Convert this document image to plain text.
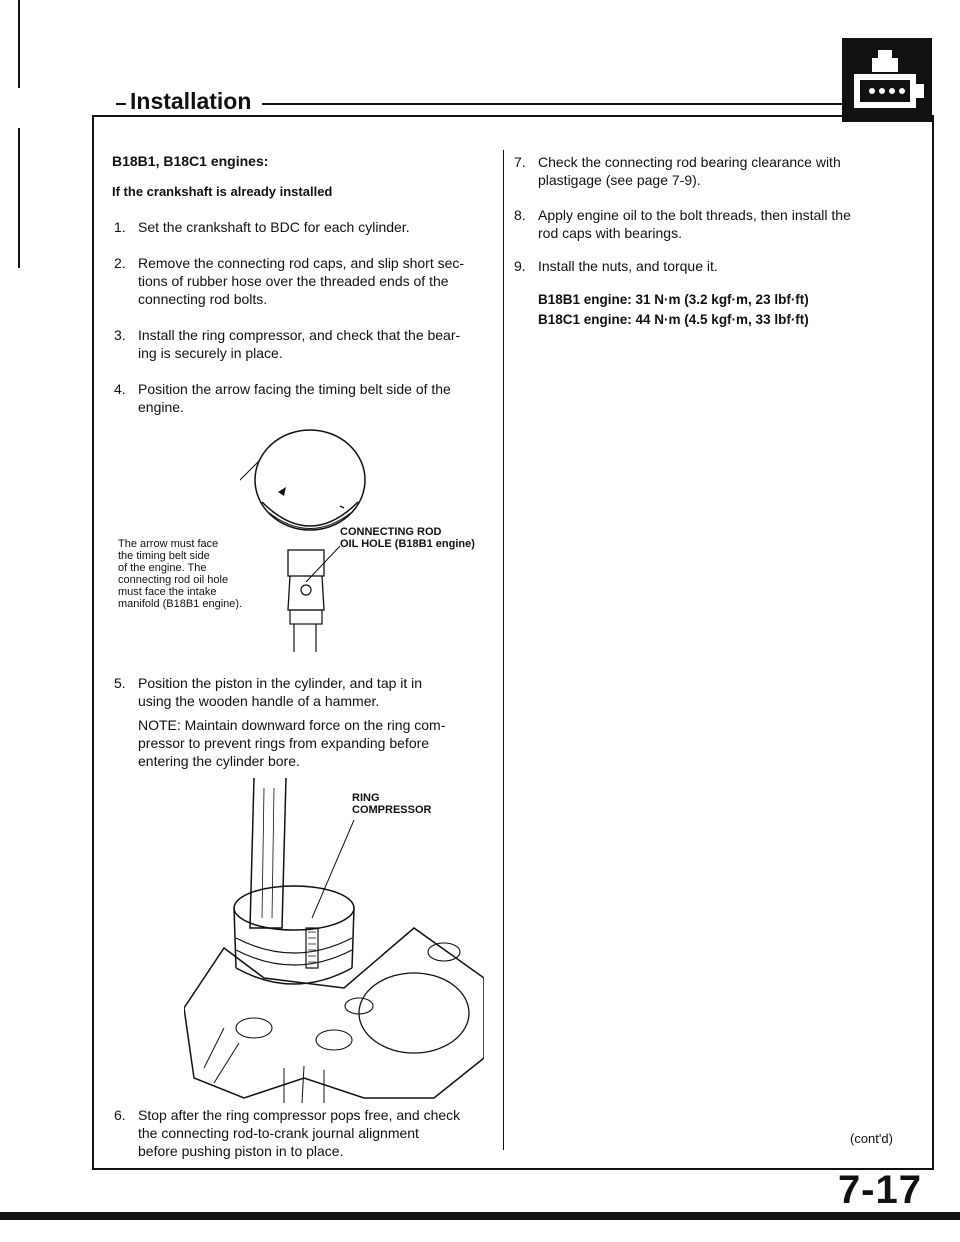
Installation
B18B1, B18C1 engines:
If the crankshaft is already installed
1. Set the crankshaft to BDC for each cylinder.
2. Remove the connecting rod caps, and slip short sec-
tions of rubber hose over the threaded ends of the
connecting rod bolts.
3. Install the ring compressor, and check that the bear-
ing is securely in place.
4. Position the arrow facing the timing belt side of the
engine.
The arrow must face
the timing belt side
of the engine. The
connecting rod oil hole
must face the intake
manifold (B18B1 engine).
CONNECTING ROD
OIL HOLE (B18B1 engine)
5. Position the piston in the cylinder, and tap it in
using the wooden handle of a hammer.
NOTE: Maintain downward force on the ring com-
pressor to prevent rings from expanding before
entering the cylinder bore.
RING
COMPRESSOR
6. Stop after the ring compressor pops free, and check
the connecting rod-to-crank journal alignment
before pushing piston in to place.
7. Check the connecting rod bearing clearance with
plastigage (see page 7-9).
8. Apply engine oil to the bolt threads, then install the
rod caps with bearings.
9. Install the nuts, and torque it.
B18B1 engine: 31 N·m (3.2 kgf·m, 23 lbf·ft)
B18C1 engine: 44 N·m (4.5 kgf·m, 33 lbf·ft)
(cont'd)
7-17
